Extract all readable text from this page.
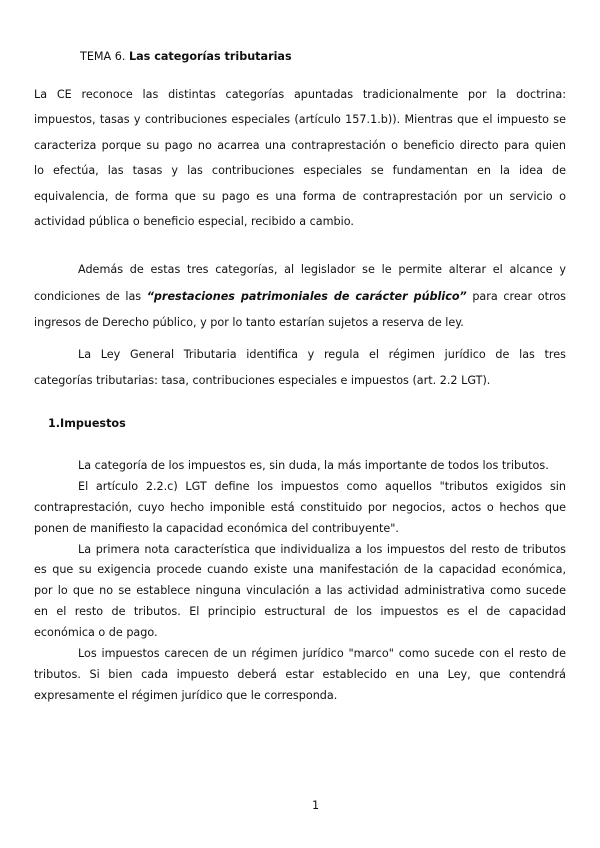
TEMA 6. Las categorías tributarias
La CE reconoce las distintas categorías apuntadas tradicionalmente por la doctrina:
impuestos, tasas y contribuciones especiales (artículo 157.1.b)). Mientras que el impuesto se
caracteriza porque su pago no acarrea una contraprestación o beneficio directo para quien
lo efectúa, las tasas y las contribuciones especiales se fundamentan en la idea de
equivalencia, de forma que su pago es una forma de contraprestación por un servicio o
actividad pública o beneficio especial, recibido a cambio.
Además de estas tres categorías, al legislador se le permite alterar el alcance y
condiciones de las “prestaciones patrimoniales de carácter público” para crear otros
ingresos de Derecho público, y por lo tanto estarían sujetos a reserva de ley.
La Ley General Tributaria identifica y regula el régimen jurídico de las tres
categorías tributarias: tasa, contribuciones especiales e impuestos (art. 2.2 LGT).
1.Impuestos
La categoría de los impuestos es, sin duda, la más importante de todos los tributos.
El artículo 2.2.c) LGT define los impuestos como aquellos "tributos exigidos sin
contraprestación, cuyo hecho imponible está constituido por negocios, actos o hechos que
ponen de manifiesto la capacidad económica del contribuyente".
La primera nota característica que individualiza a los impuestos del resto de tributos
es que su exigencia procede cuando existe una manifestación de la capacidad económica,
por lo que no se establece ninguna vinculación a las actividad administrativa como sucede
en el resto de tributos. El principio estructural de los impuestos es el de capacidad
económica o de pago.
Los impuestos carecen de un régimen jurídico "marco" como sucede con el resto de
tributos. Si bien cada impuesto deberá estar establecido en una Ley, que contendrá
expresamente el régimen jurídico que le corresponda.
1
